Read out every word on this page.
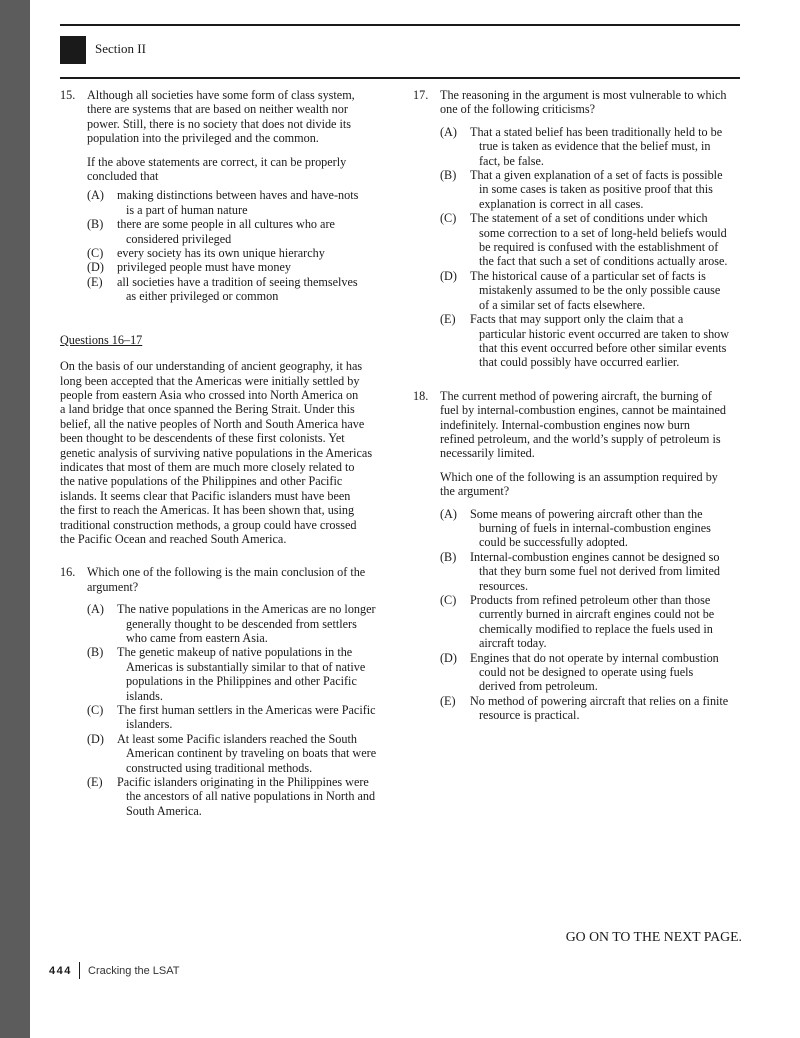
Section II
15. Although all societies have some form of class system,
there are systems that are based on neither wealth nor
power. Still, there is no society that does not divide its
population into the privileged and the common.

If the above statements are correct, it can be properly
concluded that

(A)	making distinctions between haves and have-nots
is a part of human nature
(B)	there are some people in all cultures who are
considered privileged
(C)	every society has its own unique hierarchy
(D)	privileged people must have money
(E)	all societies have a tradition of seeing themselves
as either privileged or common
Questions 16–17

On the basis of our understanding of ancient geography, it has
long been accepted that the Americas were initially settled by
people from eastern Asia who crossed into North America on
a land bridge that once spanned the Bering Strait. Under this
belief, all the native peoples of North and South America have
been thought to be descendents of these first colonists. Yet
genetic analysis of surviving native populations in the Americas
indicates that most of them are much more closely related to
the native populations of the Philippines and other Pacific
islands. It seems clear that Pacific islanders must have been
the first to reach the Americas. It has been shown that, using
traditional construction methods, a group could have crossed
the Pacific Ocean and reached South America.

16. Which one of the following is the main conclusion of the
argument?

(A)	The native populations in the Americas are no longer
generally thought to be descended from settlers
who came from eastern Asia.
(B)	The genetic makeup of native populations in the
Americas is substantially similar to that of native
populations in the Philippines and other Pacific
islands.
(C)	The first human settlers in the Americas were Pacific
islanders.
(D)	At least some Pacific islanders reached the South
American continent by traveling on boats that were
constructed using traditional methods.
(E)	Pacific islanders originating in the Philippines were
the ancestors of all native populations in North and
South America.
17. The reasoning in the argument is most vulnerable to which
one of the following criticisms?

(A)	That a stated belief has been traditionally held to be
true is taken as evidence that the belief must, in
fact, be false.
(B)	That a given explanation of a set of facts is possible
in some cases is taken as positive proof that this
explanation is correct in all cases.
(C)	The statement of a set of conditions under which
some correction to a set of long-held beliefs would
be required is confused with the establishment of
the fact that such a set of conditions actually arose.
(D)	The historical cause of a particular set of facts is
mistakenly assumed to be the only possible cause
of a similar set of facts elsewhere.
(E)	Facts that may support only the claim that a
particular historic event occurred are taken to show
that this event occurred before other similar events
that could possibly have occurred earlier.
18. The current method of powering aircraft, the burning of
fuel by internal-combustion engines, cannot be maintained
indefinitely. Internal-combustion engines now burn
refined petroleum, and the world’s supply of petroleum is
necessarily limited.

Which one of the following is an assumption required by
the argument?

(A)	Some means of powering aircraft other than the
burning of fuels in internal-combustion engines
could be successfully adopted.
(B)	Internal-combustion engines cannot be designed so
that they burn some fuel not derived from limited
resources.
(C)	Products from refined petroleum other than those
currently burned in aircraft engines could not be
chemically modified to replace the fuels used in
aircraft today.
(D)	Engines that do not operate by internal combustion
could not be designed to operate using fuels
derived from petroleum.
(E)	No method of powering aircraft that relies on a finite
resource is practical.
GO ON TO THE NEXT PAGE.
444 Cracking the LSAT
